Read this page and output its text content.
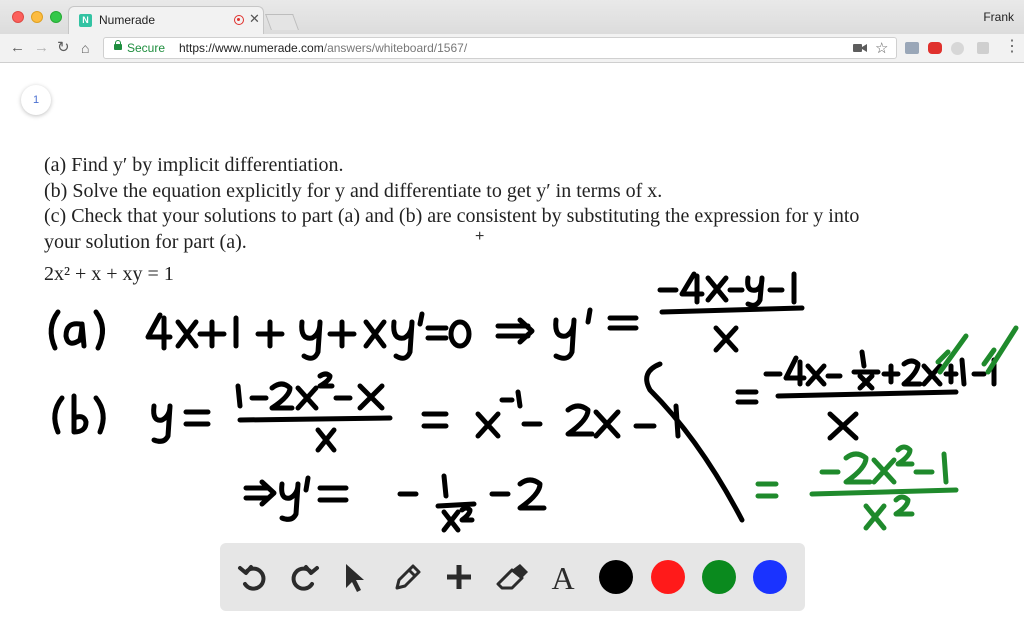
N Numerade	✕	Frank
← → ↻ ⌂	Secure https://www.numerade.com/answers/whiteboard/1567/	☆	⋮
1

(a) Find y′ by implicit differentiation.

(b) Solve the equation explicitly for y and differentiate to get y′ in terms of x.

(c) Check that your solutions to part (a) and (b) are consistent by substituting the expression for y into

your solution for part (a).

2x² + x + xy = 1
+
A
